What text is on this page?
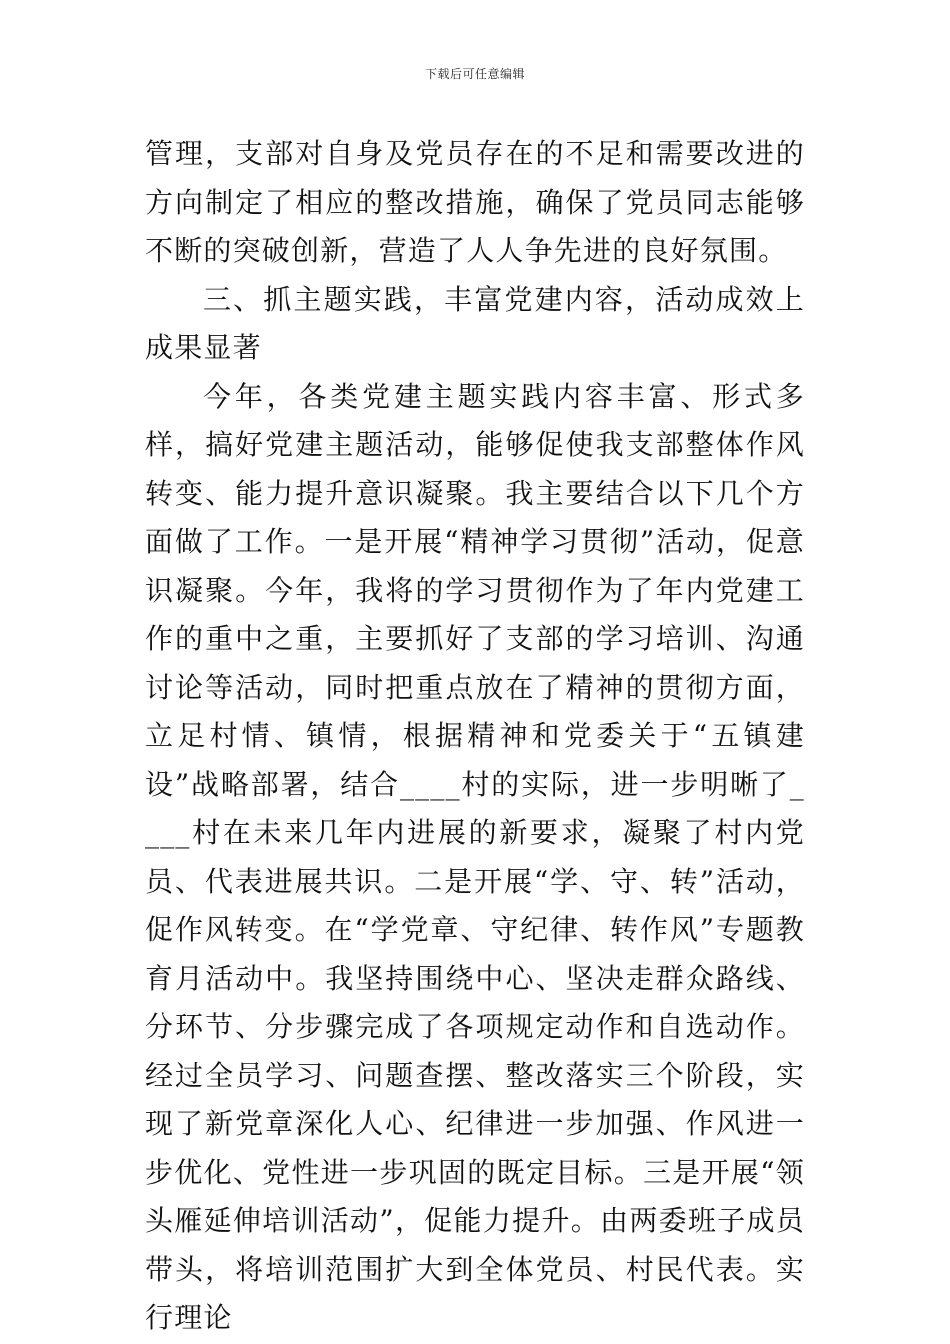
下载后可任意编辑

管理，支部对自身及党员存在的不足和需要改进的方向制定了相应的整改措施，确保了党员同志能够不断的突破创新，营造了人人争先进的良好氛围。

三、抓主题实践，丰富党建内容，活动成效上成果显著

今年，各类党建主题实践内容丰富、形式多样，搞好党建主题活动，能够促使我支部整体作风转变、能力提升意识凝聚。我主要结合以下几个方面做了工作。一是开展“精神学习贯彻”活动，促意识凝聚。今年，我将的学习贯彻作为了年内党建工作的重中之重，主要抓好了支部的学习培训、沟通讨论等活动，同时把重点放在了精神的贯彻方面，立足村情、镇情，根据精神和党委关于“五镇建设”战略部署，结合____村的实际，进一步明晰了____村在未来几年内进展的新要求，凝聚了村内党员、代表进展共识。二是开展“学、守、转”活动，促作风转变。在“学党章、守纪律、转作风”专题教育月活动中。我坚持围绕中心、坚决走群众路线、分环节、分步骤完成了各项规定动作和自选动作。经过全员学习、问题查摆、整改落实三个阶段，实现了新党章深化人心、纪律进一步加强、作风进一步优化、党性进一步巩固的既定目标。三是开展“领头雁延伸培训活动”，促能力提升。由两委班子成员带头，将培训范围扩大到全体党员、村民代表。实行理论
